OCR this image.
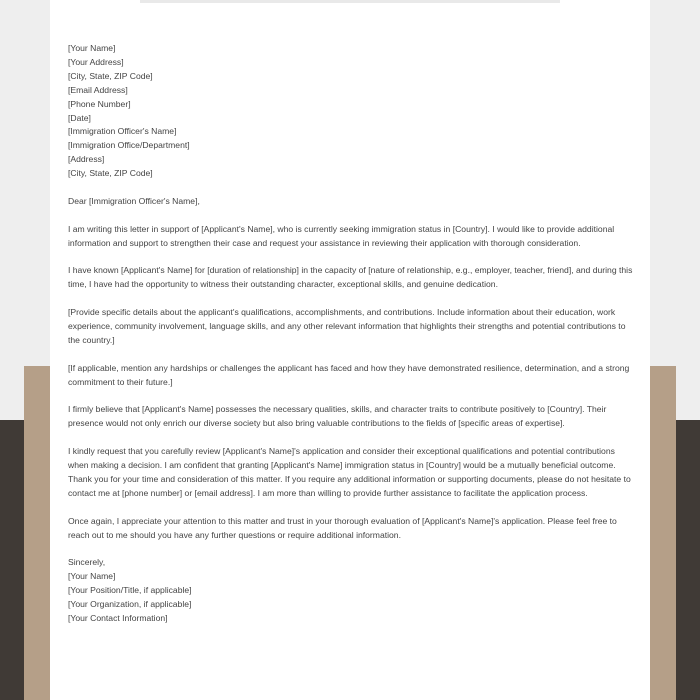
[Your Name]
[Your Address]
[City, State, ZIP Code]
[Email Address]
[Phone Number]
[Date]
[Immigration Officer's Name]
[Immigration Office/Department]
[Address]
[City, State, ZIP Code]
Dear [Immigration Officer's Name],
I am writing this letter in support of [Applicant's Name], who is currently seeking immigration status in [Country]. I would like to provide additional information and support to strengthen their case and request your assistance in reviewing their application with thorough consideration.
I have known [Applicant's Name] for [duration of relationship] in the capacity of [nature of relationship, e.g., employer, teacher, friend], and during this time, I have had the opportunity to witness their outstanding character, exceptional skills, and genuine dedication.
[Provide specific details about the applicant's qualifications, accomplishments, and contributions. Include information about their education, work experience, community involvement, language skills, and any other relevant information that highlights their strengths and potential contributions to the country.]
[If applicable, mention any hardships or challenges the applicant has faced and how they have demonstrated resilience, determination, and a strong commitment to their future.]
I firmly believe that [Applicant's Name] possesses the necessary qualities, skills, and character traits to contribute positively to [Country]. Their presence would not only enrich our diverse society but also bring valuable contributions to the fields of [specific areas of expertise].
I kindly request that you carefully review [Applicant's Name]'s application and consider their exceptional qualifications and potential contributions when making a decision. I am confident that granting [Applicant's Name] immigration status in [Country] would be a mutually beneficial outcome.
Thank you for your time and consideration of this matter. If you require any additional information or supporting documents, please do not hesitate to contact me at [phone number] or [email address]. I am more than willing to provide further assistance to facilitate the application process.
Once again, I appreciate your attention to this matter and trust in your thorough evaluation of [Applicant's Name]'s application. Please feel free to reach out to me should you have any further questions or require additional information.
Sincerely,
[Your Name]
[Your Position/Title, if applicable]
[Your Organization, if applicable]
[Your Contact Information]
